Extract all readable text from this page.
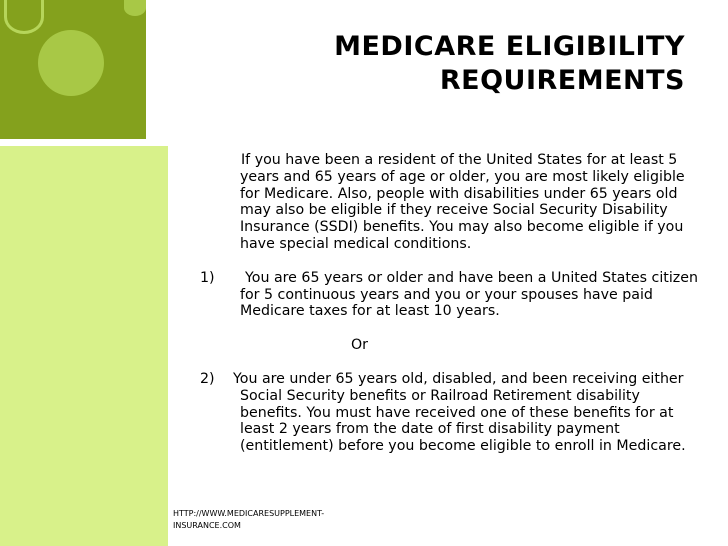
MEDICARE ELIGIBILITY
REQUIREMENTS

If you have been a resident of the United States for at least 5 years and 65 years of age or older, you are most likely eligible for Medicare. Also, people with disabilities under 65 years old may also be eligible if they receive Social Security Disability Insurance (SSDI) benefits. You may also become eligible if you have special medical conditions.

1) You are 65 years or older and have been a United States citizen for 5 continuous years and you or your spouses have paid Medicare taxes for at least 10 years.

Or

2) You are under 65 years old, disabled, and been receiving either Social Security benefits or Railroad Retirement disability benefits. You must have received one of these benefits for at least 2 years from the date of first disability payment (entitlement) before you become eligible to enroll in Medicare.

HTTP://WWW.MEDICARESUPPLEMENT-
INSURANCE.COM
